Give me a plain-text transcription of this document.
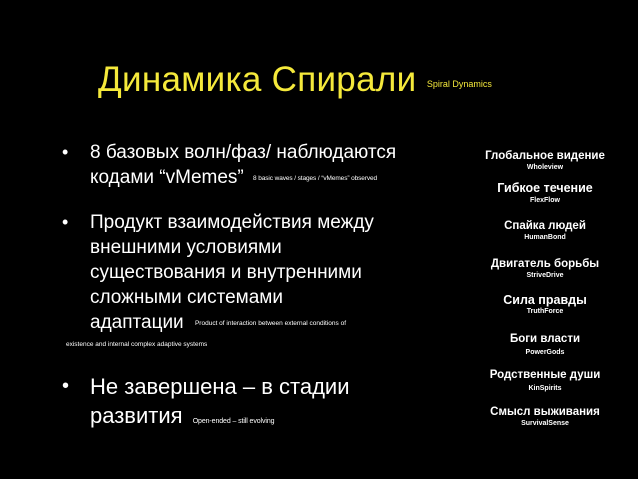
Динамика Спирали $^{Spiral Dynamics}$
• 8 базовых волн/фаз/ наблюдаются
кодами “vMemes” 8 basic waves / stages / “vMemes” observed
• Продукт взаимодействия между
внешними условиями
существования и внутренними
сложными системами
адаптации Product of interaction between external conditions of
existence and internal complex adaptive systems
• Не завершена – в стадии
развития Open-ended – still evolving
Глобальное видение
Wholeview
Гибкое течение
FlexFlow
Спайка людей
HumanBond
Двигатель борьбы
StriveDrive
Сила правды
TruthForce
Боги власти
PowerGods
Родственные души
KinSpirits
Смысл выживания
SurvivalSense
